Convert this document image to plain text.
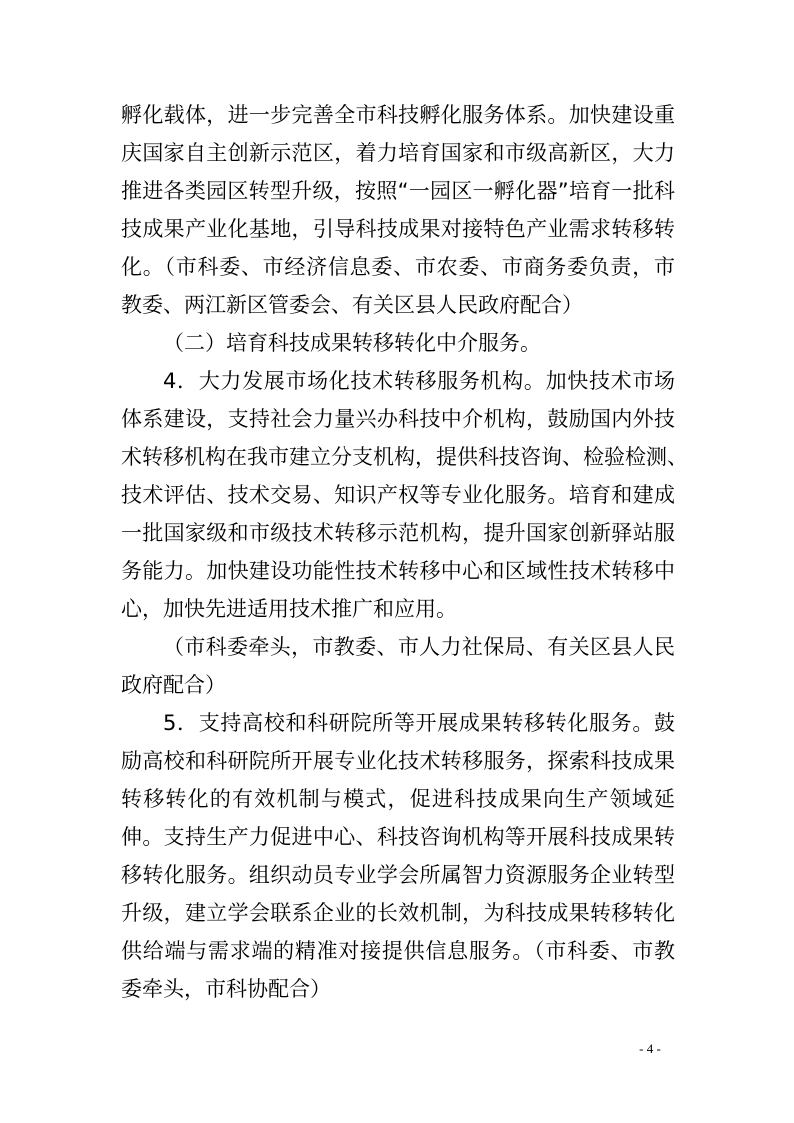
孵化载体，进一步完善全市科技孵化服务体系。加快建设重
庆国家自主创新示范区，着力培育国家和市级高新区，大力
推进各类园区转型升级，按照“一园区一孵化器”培育一批科
技成果产业化基地，引导科技成果对接特色产业需求转移转
化。（市科委、市经济信息委、市农委、市商务委负责，市
教委、两江新区管委会、有关区县人民政府配合）
（二）培育科技成果转移转化中介服务。
4．大力发展市场化技术转移服务机构。加快技术市场
体系建设，支持社会力量兴办科技中介机构，鼓励国内外技
术转移机构在我市建立分支机构，提供科技咨询、检验检测、
技术评估、技术交易、知识产权等专业化服务。培育和建成
一批国家级和市级技术转移示范机构，提升国家创新驿站服
务能力。加快建设功能性技术转移中心和区域性技术转移中
心，加快先进适用技术推广和应用。
（市科委牵头，市教委、市人力社保局、有关区县人民
政府配合）
5．支持高校和科研院所等开展成果转移转化服务。鼓
励高校和科研院所开展专业化技术转移服务，探索科技成果
转移转化的有效机制与模式，促进科技成果向生产领域延
伸。支持生产力促进中心、科技咨询机构等开展科技成果转
移转化服务。组织动员专业学会所属智力资源服务企业转型
升级，建立学会联系企业的长效机制，为科技成果转移转化
供给端与需求端的精准对接提供信息服务。（市科委、市教
委牵头，市科协配合）
- 4 -
